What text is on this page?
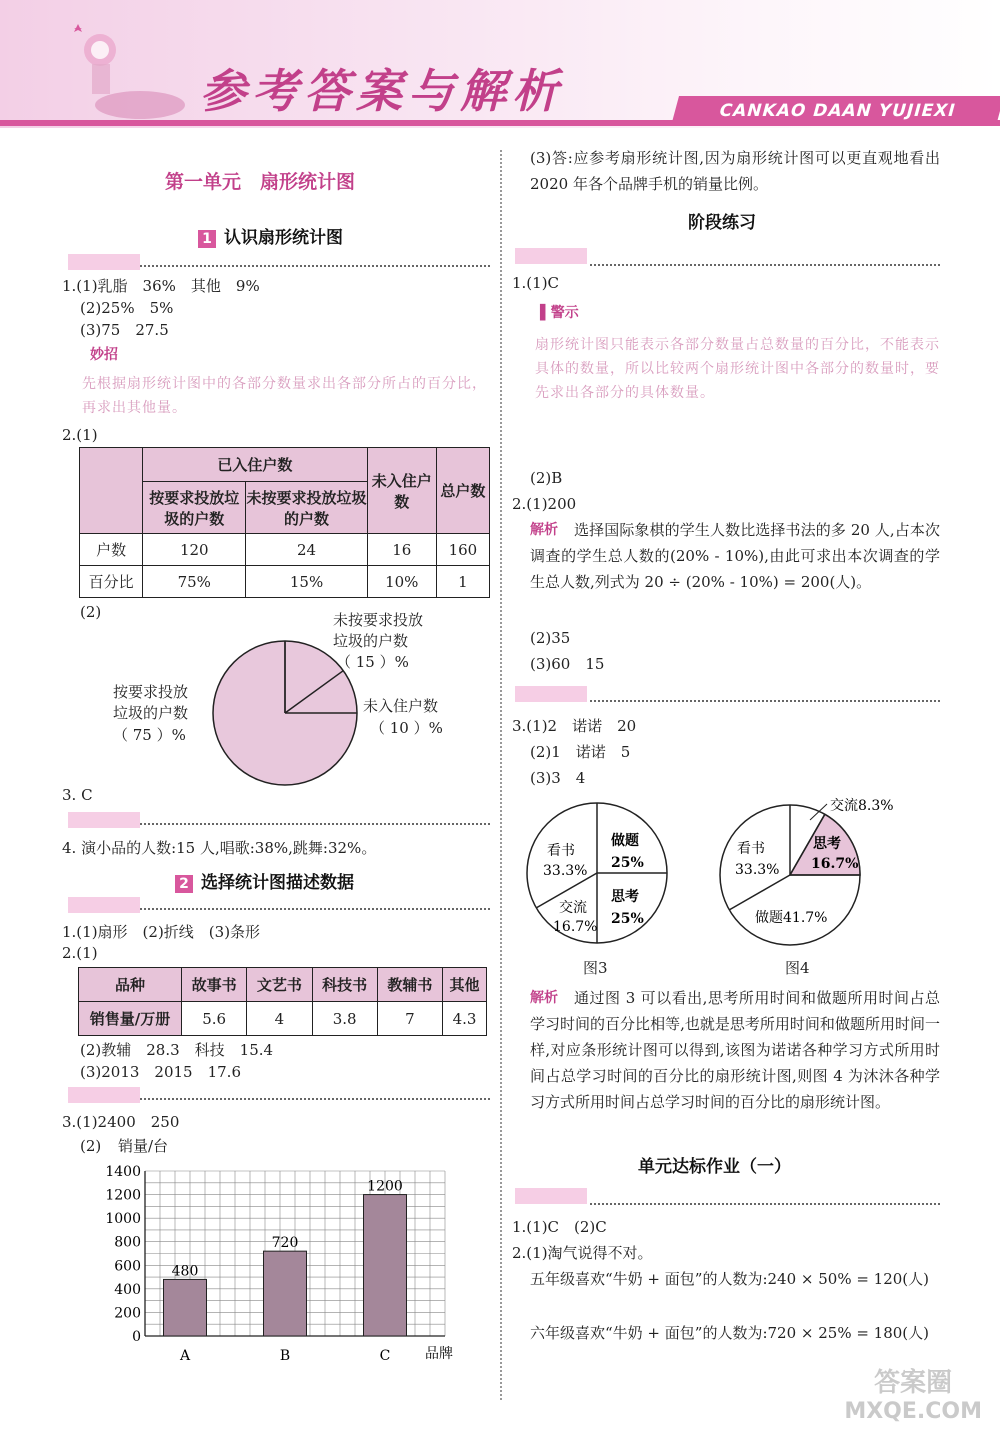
参考答案与解析	CANKAO DAAN YUJIEXI
第一单元　扇形统计图
1 认识扇形统计图
1.(1)乳脂　36%　其他　9%
(2)25%　5%
(3)75　27.5
妙招
先根据扇形统计图中的各部分数量求出各部分所占的百分比，再求出其他量。
2.(1)
	已入住户数		未入住户数	总户数
	按要求投放垃圾的户数	未按要求投放垃圾的户数		
户数	120	24	16	160
百分比	75%	15%	10%	1
(2)	未按要求投放
垃圾的户数
（ 15 ）%
未入住户数
（ 10 ）%
按要求投放
垃圾的户数
（ 75 ）%
3. C
4. 演小品的人数:15 人,唱歌:38%,跳舞:32%。
2 选择统计图描述数据
1.(1)扇形　(2)折线　(3)条形
2.(1)
品种	故事书	文艺书	科技书	教辅书	其他
销售量/万册	5.6	4	3.8	7	4.3
(2)教辅　28.3　科技　15.4
(3)2013　2015　17.6
3.(1)2400　250
(2) 销量/台
0
200
400
600
800
1000
1200
1400
480
A
720
B
1200
C 品牌
(3)答:应参考扇形统计图,因为扇形统计图可以更直观地看出 2020 年各个品牌手机的销量比例。
阶段练习
1.(1)C
▌警示
扇形统计图只能表示各部分数量占总数量的百分比，不能表示具体的数量，所以比较两个扇形统计图中各部分的数量时，要先求出各部分的具体数量。
(2)B
2.(1)200
解析	选择国际象棋的学生人数比选择书法的多 20 人,占本次调查的学生总人数的(20% - 10%),由此可求出本次调查的学生总人数,列式为 20 ÷ (20% - 10%) = 200(人)。
(2)35
(3)60　15
3.(1)2　诺诺　20
(2)1　诺诺　5
(3)3　4
看书
33.3%
做题
25%
思考
25%
交流
16.7%
图3
交流8.3%
看书
33.3%
思考
16.7%
做题41.7%
图4
解析	通过图 3 可以看出,思考所用时间和做题所用时间占总学习时间的百分比相等,也就是思考所用时间和做题所用时间一样,对应条形统计图可以得到,该图为诺诺各种学习方式所用时间占总学习时间的百分比的扇形统计图,则图 4 为沐沐各种学习方式所用时间占总学习时间的百分比的扇形统计图。
单元达标作业（一）
1.(1)C　(2)C
2.(1)淘气说得不对。
五年级喜欢“牛奶 + 面包”的人数为:240 × 50% = 120(人)
六年级喜欢“牛奶 + 面包”的人数为:720 × 25% = 180(人)
答案圈
MXQE.COM
